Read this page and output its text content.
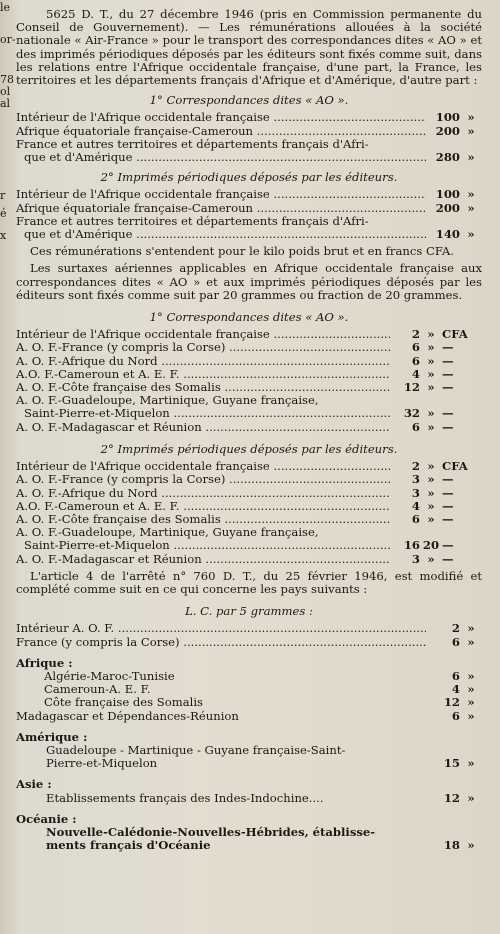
le
or-
78
ol
al
r
é
x

5625 D. T., du 27 décembre 1946 (pris en Commission permanente du Conseil de Gouvernement). — Les rémunérations allouées à la société nationale « Air-France » pour le transport des correspondances dites « AO » et des imprimés périodiques déposés par les éditeurs sont fixés comme suit, dans les relations entre l'Afrique occidentale française, d'une part, la France, les territoires et les départements français d'Afrique et d'Amérique, d'autre part :

1° Correspondances dites « AO ».
Intérieur de l'Afrique occidentale française .....	100 »
Afrique équatoriale française-Cameroun .....	200 »
France et autres territoires et départements français d'Afri-
que et d'Amérique .....	280 »
2° Imprimés périodiques déposés par les éditeurs.
Intérieur de l'Afrique occidentale française .....	100 »
Afrique équatoriale française-Cameroun .....	200 »
France et autres territoires et départements français d'Afri-
que et d'Amérique .....	140 »

Ces rémunérations s'entendent pour le kilo poids brut et en francs CFA.

Les surtaxes aériennes applicables en Afrique occidentale française aux correspondances dites « AO » et aux imprimés périodiques déposés par les éditeurs sont fixés comme suit par 20 grammes ou fraction de 20 grammes.

1° Correspondances dites « AO ».
Intérieur de l'Afrique occidentale française .....	2 » CFA
A. O. F.-France (y compris la Corse) .....	6 » —
A. O. F.-Afrique du Nord .....	6 » —
A.O. F.-Cameroun et A. E. F. .....	4 » —
A. O. F.-Côte française des Somalis .....	12 » —
A. O. F.-Guadeloupe, Martinique, Guyane française,
Saint-Pierre-et-Miquelon .....	32 » —
A. O. F.-Madagascar et Réunion .....	6 » —
2° Imprimés périodiques déposés par les éditeurs.
Intérieur de l'Afrique occidentale française .....	2 » CFA
A. O. F.-France (y compris la Corse) .....	3 » —
A. O. F.-Afrique du Nord .....	3 » —
A.O. F.-Cameroun et A. E. F. .....	4 » —
A. O. F.-Côte française des Somalis .....	6 » —
A. O. F.-Guadeloupe, Martinique, Guyane française,
Saint-Pierre-et-Miquelon .....	16 20 —
A. O. F.-Madagascar et Réunion .....	3 » —

L'article 4 de l'arrêté n° 760 D. T., du 25 février 1946, est modifié et complété comme suit en ce qui concerne les pays suivants :

L. C. par 5 grammes :
Intérieur A. O. F. .....	2 »
France (y compris la Corse) .....	6 »
Afrique :
Algérie-Maroc-Tunisie	6 »
Cameroun-A. E. F.	4 »
Côte française des Somalis	12 »
Madagascar et Dépendances-Réunion	6 »
Amérique :
Guadeloupe - Martinique - Guyane française-Saint-
Pierre-et-Miquelon	15 »
Asie :
Etablissements français des Indes-Indochine....	12 »
Océanie :
Nouvelle-Calédonie-Nouvelles-Hébrides, établisse-
ments français d'Océanie	18 »
